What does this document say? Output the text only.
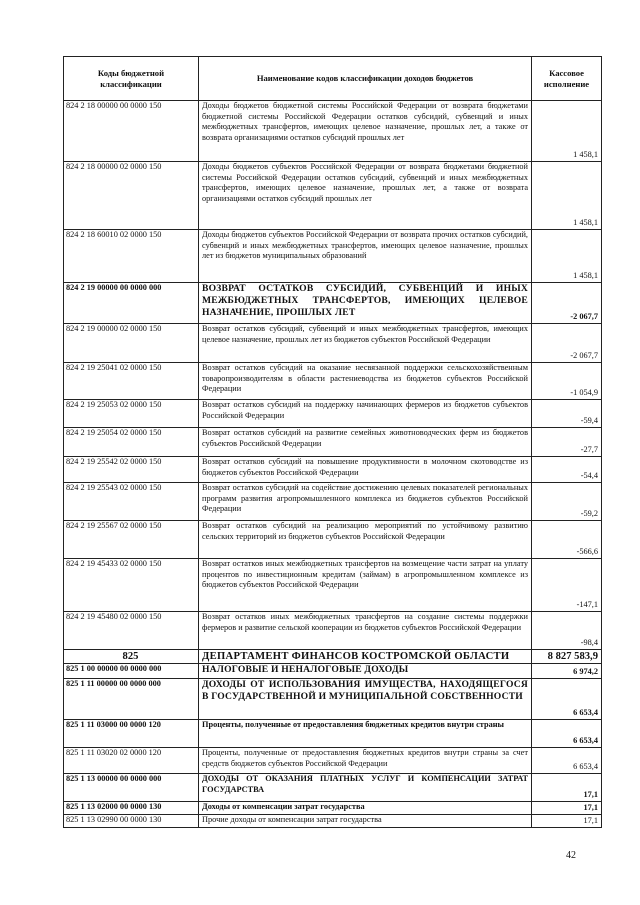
Коды бюджетной классификации	Наименование кодов классификации доходов бюджетов	Кассовое исполнение
824 2 18 00000 00 0000 150	Доходы бюджетов бюджетной системы Российской Федерации от возврата бюджетами бюджетной системы Российской Федерации остатков субсидий, субвенций и иных межбюджетных трансфертов, имеющих целевое назначение, прошлых лет, а также от возврата организациями остатков субсидий прошлых лет	1 458,1
824 2 18 00000 02 0000 150	Доходы бюджетов субъектов Российской Федерации от возврата бюджетами бюджетной системы Российской Федерации остатков субсидий, субвенций и иных межбюджетных трансфертов, имеющих целевое назначение, прошлых лет, а также от возврата организациями остатков субсидий прошлых лет	1 458,1
824 2 18 60010 02 0000 150	Доходы бюджетов субъектов Российской Федерации от возврата прочих остатков субсидий, субвенций и иных межбюджетных трансфертов, имеющих целевое назначение, прошлых лет из бюджетов муниципальных образований	1 458,1
824 2 19 00000 00 0000 000	ВОЗВРАТ ОСТАТКОВ СУБСИДИЙ, СУБВЕНЦИЙ И ИНЫХ МЕЖБЮДЖЕТНЫХ ТРАНСФЕРТОВ, ИМЕЮЩИХ ЦЕЛЕВОЕ НАЗНАЧЕНИЕ, ПРОШЛЫХ ЛЕТ	-2 067,7
824 2 19 00000 02 0000 150	Возврат остатков субсидий, субвенций и иных межбюджетных трансфертов, имеющих целевое назначение, прошлых лет из бюджетов субъектов Российской Федерации	-2 067,7
824 2 19 25041 02 0000 150	Возврат остатков субсидий на оказание несвязанной поддержки сельскохозяйственным товаропроизводителям в области растениеводства из бюджетов субъектов Российской Федерации	-1 054,9
824 2 19 25053 02 0000 150	Возврат остатков субсидий на поддержку начинающих фермеров из бюджетов субъектов Российской Федерации	-59,4
824 2 19 25054 02 0000 150	Возврат остатков субсидий на развитие семейных животноводческих ферм из бюджетов субъектов Российской Федерации	-27,7
824 2 19 25542 02 0000 150	Возврат остатков субсидий на повышение продуктивности в молочном скотоводстве из бюджетов субъектов Российской Федерации	-54,4
824 2 19 25543 02 0000 150	Возврат остатков субсидий на содействие достижению целевых показателей региональных программ развития агропромышленного комплекса из бюджетов субъектов Российской Федерации	-59,2
824 2 19 25567 02 0000 150	Возврат остатков субсидий на реализацию мероприятий по устойчивому развитию сельских территорий из бюджетов субъектов Российской Федерации	-566,6
824 2 19 45433 02 0000 150	Возврат остатков иных межбюджетных трансфертов на возмещение части затрат на уплату процентов по инвестиционным кредитам (займам) в агропромышленном комплексе из бюджетов субъектов Российской Федерации	-147,1
824 2 19 45480 02 0000 150	Возврат остатков иных межбюджетных трансфертов на создание системы поддержки фермеров и развитие сельской кооперации из бюджетов субъектов Российской Федерации	-98,4
825	ДЕПАРТАМЕНТ ФИНАНСОВ КОСТРОМСКОЙ ОБЛАСТИ	8 827 583,9
825 1 00 00000 00 0000 000	НАЛОГОВЫЕ И НЕНАЛОГОВЫЕ ДОХОДЫ	6 974,2
825 1 11 00000 00 0000 000	ДОХОДЫ ОТ ИСПОЛЬЗОВАНИЯ ИМУЩЕСТВА, НАХОДЯЩЕГОСЯ В ГОСУДАРСТВЕННОЙ И МУНИЦИПАЛЬНОЙ СОБСТВЕННОСТИ	6 653,4
825 1 11 03000 00 0000 120	Проценты, полученные от предоставления бюджетных кредитов внутри страны	6 653,4
825 1 11 03020 02 0000 120	Проценты, полученные от предоставления бюджетных кредитов внутри страны за счет средств бюджетов субъектов Российской Федерации	6 653,4
825 1 13 00000 00 0000 000	ДОХОДЫ ОТ ОКАЗАНИЯ ПЛАТНЫХ УСЛУГ И КОМПЕНСАЦИИ ЗАТРАТ ГОСУДАРСТВА	17,1
825 1 13 02000 00 0000 130	Доходы от компенсации затрат государства	17,1
825 1 13 02990 00 0000 130	Прочие доходы от компенсации затрат государства	17,1
42
